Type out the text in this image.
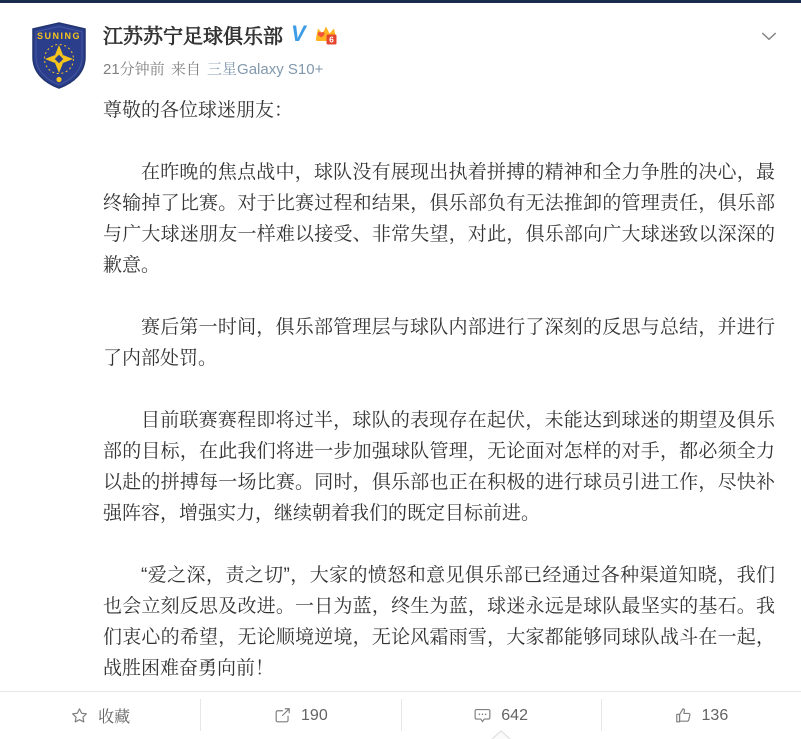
SUNING 江苏苏宁足球俱乐部 V	6
21分钟前 来自 三星Galaxy S10+

尊敬的各位球迷朋友：

在昨晚的焦点战中，球队没有展现出执着拼搏的精神和全力争胜的决心，最终输掉了比赛。对于比赛过程和结果，俱乐部负有无法推卸的管理责任，俱乐部与广大球迷朋友一样难以接受、非常失望，对此，俱乐部向广大球迷致以深深的歉意。

赛后第一时间，俱乐部管理层与球队内部进行了深刻的反思与总结，并进行了内部处罚。

目前联赛赛程即将过半，球队的表现存在起伏，未能达到球迷的期望及俱乐部的目标，在此我们将进一步加强球队管理，无论面对怎样的对手，都必须全力以赴的拼搏每一场比赛。同时，俱乐部也正在积极的进行球员引进工作，尽快补强阵容，增强实力，继续朝着我们的既定目标前进。

“爱之深，责之切”，大家的愤怒和意见俱乐部已经通过各种渠道知晓，我们也会立刻反思及改进。一日为蓝，终生为蓝，球迷永远是球队最坚实的基石。我们衷心的希望，无论顺境逆境，无论风霜雨雪，大家都能够同球队战斗在一起，战胜困难奋勇向前！

收藏	190	642	136
